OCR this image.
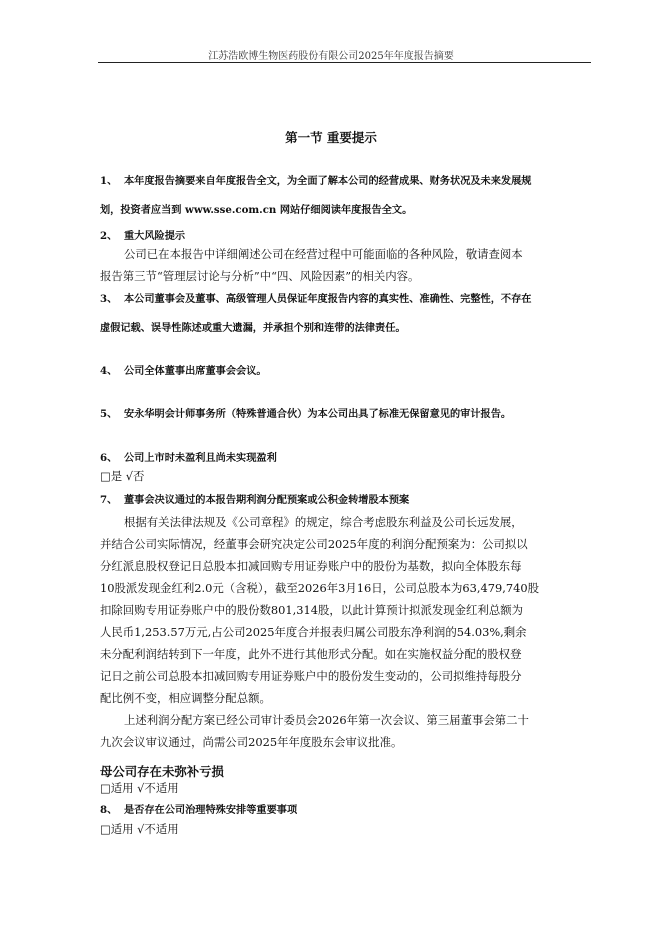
江苏浩欧博生物医药股份有限公司2025年年度报告摘要
第一节 重要提示
1、 本年度报告摘要来自年度报告全文，为全面了解本公司的经营成果、财务状况及未来发展规
划，投资者应当到 www.sse.com.cn 网站仔细阅读年度报告全文。
2、 重大风险提示
公司已在本报告中详细阐述公司在经营过程中可能面临的各种风险，敬请查阅本
报告第三节“管理层讨论与分析”中“四、风险因素”的相关内容。
3、 本公司董事会及董事、高级管理人员保证年度报告内容的真实性、准确性、完整性，不存在
虚假记载、误导性陈述或重大遗漏，并承担个别和连带的法律责任。
4、 公司全体董事出席董事会会议。
5、 安永华明会计师事务所（特殊普通合伙）为本公司出具了标准无保留意见的审计报告。
6、 公司上市时未盈利且尚未实现盈利
□是 √否
7、 董事会决议通过的本报告期利润分配预案或公积金转增股本预案
根据有关法律法规及《公司章程》的规定，综合考虑股东利益及公司长远发展，
并结合公司实际情况，经董事会研究决定公司2025年度的利润分配预案为：公司拟以
分红派息股权登记日总股本扣减回购专用证券账户中的股份为基数，拟向全体股东每
10股派发现金红利2.0元（含税），截至2026年3月16日，公司总股本为63,479,740股
扣除回购专用证券账户中的股份数801,314股，以此计算预计拟派发现金红利总额为
人民币1,253.57万元,占公司2025年度合并报表归属公司股东净利润的54.03%,剩余
未分配利润结转到下一年度，此外不进行其他形式分配。如在实施权益分配的股权登
记日之前公司总股本扣减回购专用证券账户中的股份发生变动的，公司拟维持每股分
配比例不变，相应调整分配总额。
上述利润分配方案已经公司审计委员会2026年第一次会议、第三届董事会第二十
九次会议审议通过，尚需公司2025年年度股东会审议批准。
母公司存在未弥补亏损
□适用 √不适用
8、 是否存在公司治理特殊安排等重要事项
□适用 √不适用
